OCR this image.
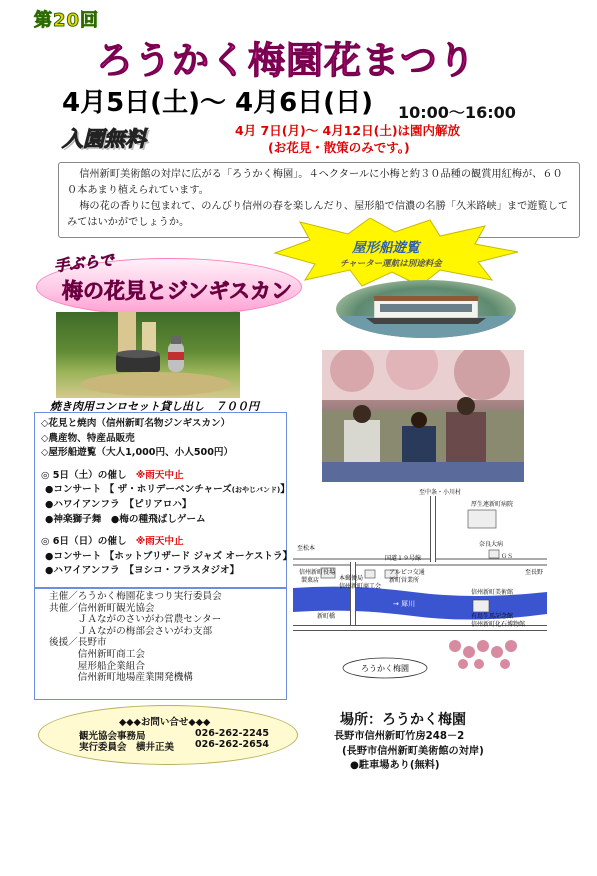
第20回
ろうかく梅園花まつり
4月5日(土)～ 4月6日(日) 10:00～16:00
入園無料	4月 7日(月)～ 4月12日(土)は園内解放
(お花見・散策のみです。)

信州新町美術館の対岸に広がる「ろうかく梅園」。４ヘクタールに小梅と約３０品種の観賞用紅梅が、６００本あまり植えられています。

梅の花の香りに包まれて、のんびり信州の春を楽しんだり、屋形船で信濃の名勝「久米路峡」まで遊覧してみてはいかがでしょうか。

屋形船遊覧
チャーター運航は別途料金
手ぶらで
梅の花見とジンギスカン
焼き肉用コンロセット貸し出し　７００円
◇花見と焼肉（信州新町名物ジンギスカン）
◇農産物、特産品販売
◇屋形船遊覧（大人1,000円、小人500円）
◎ 5日（土）の催し ※雨天中止
●コンサート 【 ザ・ホリデーベンチャーズ(おやじバンド)】
●ハワイアンフラ　【ピリアロハ】
●神楽獅子舞　●梅の種飛ばしゲーム
◎ 6日（日）の催し ※雨天中止
●コンサート 【ホットブリザード ジャズ オーケストラ】
●ハワイアンフラ　【ヨシコ・フラスタジオ】
主催／ろうかく梅園花まつり実行委員会
共催／信州新町観光協会
　　　ＪＡながのさいがわ営農センター
　　　ＪＡながの梅部会さいがわ支部
後援／長野市
　　　信州新町商工会
　　　屋形船企業組合
　　　信州新町地場産業開発機構
至中条・小川村
厚生連新町病院
至松本
奈良大病
国道１９号線	ＧＳ
至長野
信州新町役場
製菓店	本郵便局
信州新町商工会
アルピコ交通
新町営業所
新町橋
→ 犀川
信州新町美術館
有島生馬記念館
信州新町化石博物館
ろうかく梅園
◆◆◆お問い合せ◆◆◆
観光協会事務局	026-262-2245
実行委員会　横井正美 026-262-2654
場所：ろうかく梅園
長野市信州新町竹房248－2
(長野市信州新町美術館の対岸)
●駐車場あり(無料)
